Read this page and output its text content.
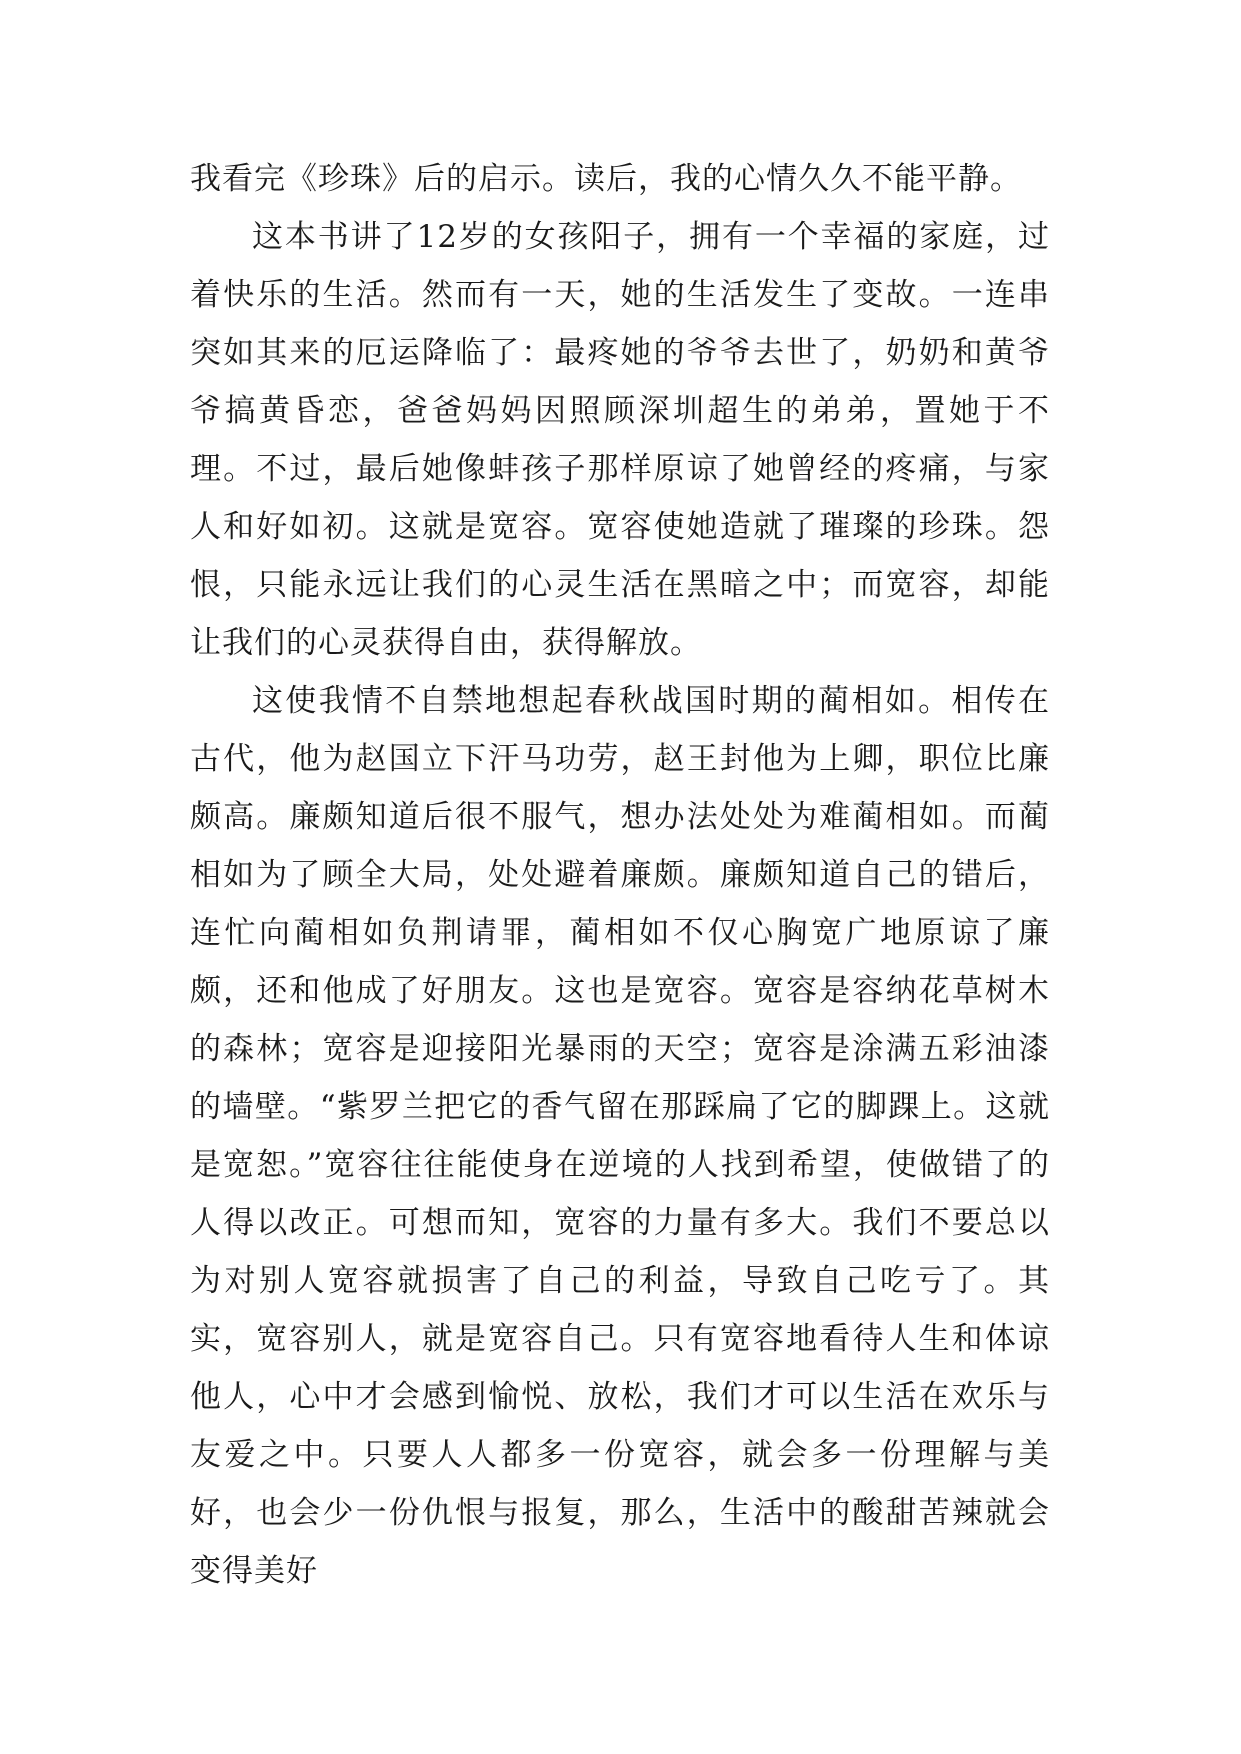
我看完《珍珠》后的启示。读后，我的心情久久不能平静。

这本书讲了12岁的女孩阳子，拥有一个幸福的家庭，过着快乐的生活。然而有一天，她的生活发生了变故。一连串突如其来的厄运降临了：最疼她的爷爷去世了，奶奶和黄爷爷搞黄昏恋，爸爸妈妈因照顾深圳超生的弟弟，置她于不理。不过，最后她像蚌孩子那样原谅了她曾经的疼痛，与家人和好如初。这就是宽容。宽容使她造就了璀璨的珍珠。怨恨，只能永远让我们的心灵生活在黑暗之中；而宽容，却能让我们的心灵获得自由，获得解放。

这使我情不自禁地想起春秋战国时期的蔺相如。相传在古代，他为赵国立下汗马功劳，赵王封他为上卿，职位比廉颇高。廉颇知道后很不服气，想办法处处为难蔺相如。而蔺相如为了顾全大局，处处避着廉颇。廉颇知道自己的错后，连忙向蔺相如负荆请罪，蔺相如不仅心胸宽广地原谅了廉颇，还和他成了好朋友。这也是宽容。宽容是容纳花草树木的森林；宽容是迎接阳光暴雨的天空；宽容是涂满五彩油漆的墙壁。“紫罗兰把它的香气留在那踩扁了它的脚踝上。这就是宽恕。”宽容往往能使身在逆境的人找到希望，使做错了的人得以改正。可想而知，宽容的力量有多大。我们不要总以为对别人宽容就损害了自己的利益，导致自己吃亏了。其实，宽容别人，就是宽容自己。只有宽容地看待人生和体谅他人，心中才会感到愉悦、放松，我们才可以生活在欢乐与友爱之中。只要人人都多一份宽容，就会多一份理解与美好，也会少一份仇恨与报复，那么，生活中的酸甜苦辣就会变得美好
